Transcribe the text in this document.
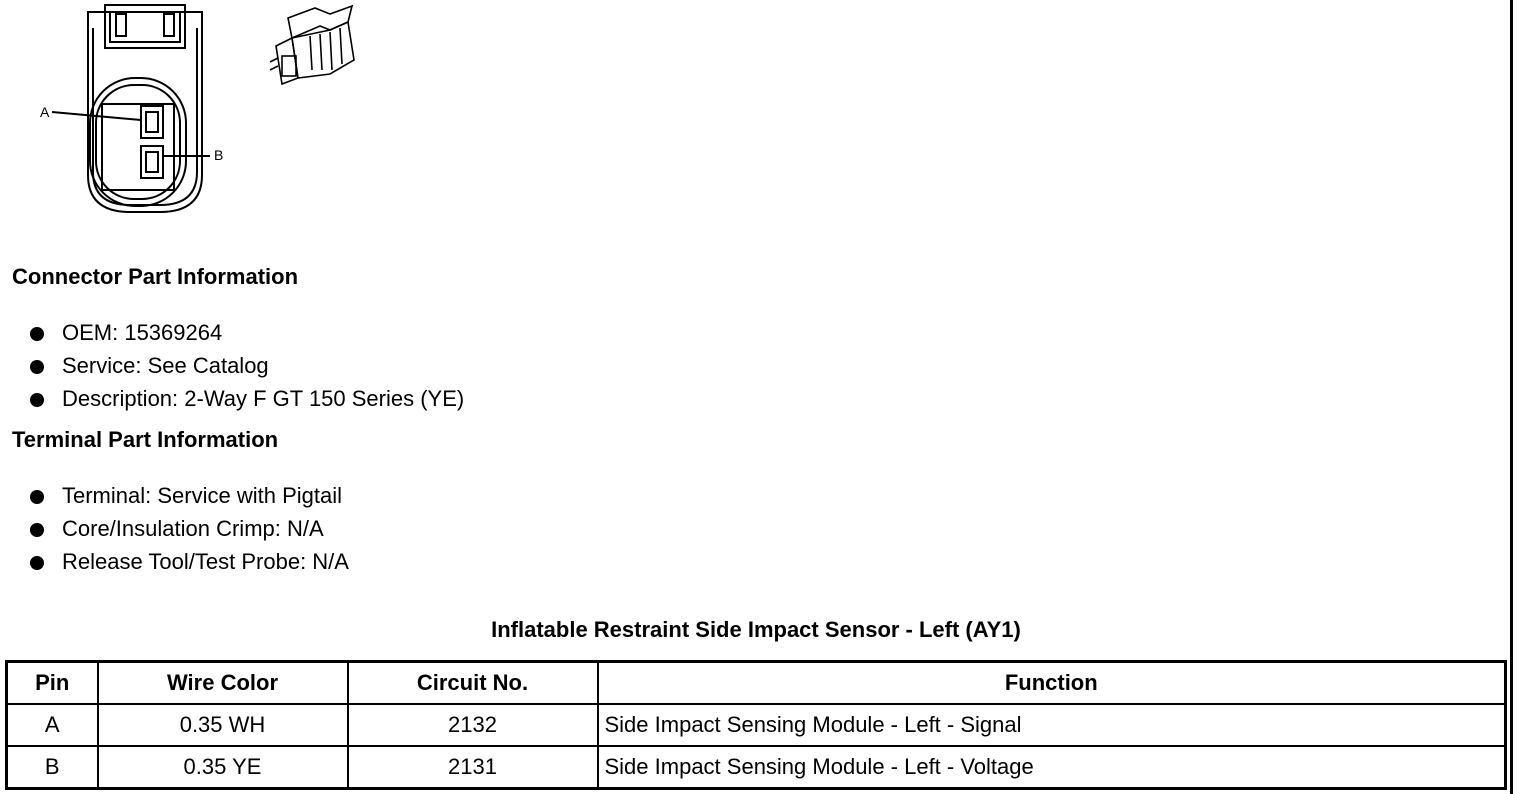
A
B
Connector Part Information
OEM: 15369264
Service: See Catalog
Description: 2-Way F GT 150 Series (YE)
Terminal Part Information
Terminal: Service with Pigtail
Core/Insulation Crimp: N/A
Release Tool/Test Probe: N/A
Inflatable Restraint Side Impact Sensor - Left (AY1)
Pin	Wire Color	Circuit No.	Function
A	0.35 WH	2132	Side Impact Sensing Module - Left - Signal
B	0.35 YE	2131	Side Impact Sensing Module - Left - Voltage
